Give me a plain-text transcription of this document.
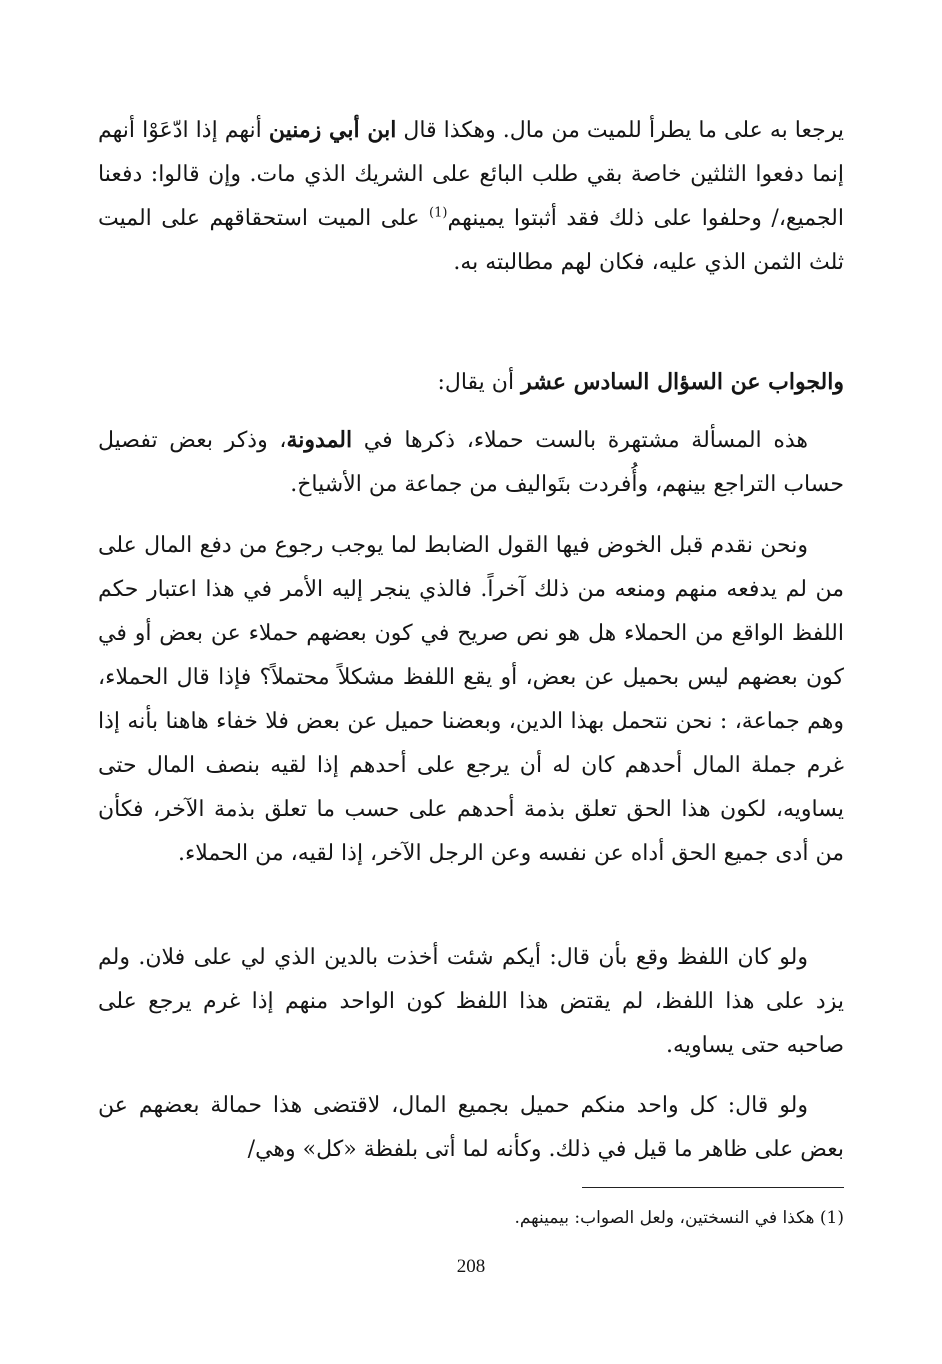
يرجعا به على ما يطرأ للميت من مال. وهكذا قال ابن أبي زمنين أنهم إذا ادّعَوْا أنهم إنما دفعوا الثلثين خاصة بقي طلب البائع على الشريك الذي مات. وإن قالوا: دفعنا الجميع،/ وحلفوا على ذلك فقد أثبتوا يمينهم$^{(1)}$ على الميت استحقاقهم على الميت ثلث الثمن الذي عليه، فكان لهم مطالبته به.

والجواب عن السؤال السادس عشر أن يقال:

هذه المسألة مشتهرة بالست حملاء، ذكرها في المدونة، وذكر بعض تفصيل حساب التراجع بينهم، وأُفردت بتَواليف من جماعة من الأشياخ.

ونحن نقدم قبل الخوض فيها القول الضابط لما يوجب رجوع من دفع المال على من لم يدفعه منهم ومنعه من ذلك آخراً. فالذي ينجر إليه الأمر في هذا اعتبار حكم اللفظ الواقع من الحملاء هل هو نص صريح في كون بعضهم حملاء عن بعض أو في كون بعضهم ليس بحميل عن بعض، أو يقع اللفظ مشكلاً محتملاً؟ فإذا قال الحملاء، وهم جماعة، : نحن نتحمل بهذا الدين، وبعضنا حميل عن بعض فلا خفاء هاهنا بأنه إذا غرم جملة المال أحدهم كان له أن يرجع على أحدهم إذا لقيه بنصف المال حتى يساويه، لكون هذا الحق تعلق بذمة أحدهم على حسب ما تعلق بذمة الآخر، فكأن من أدى جميع الحق أداه عن نفسه وعن الرجل الآخر، إذا لقيه، من الحملاء.

ولو كان اللفظ وقع بأن قال: أيكم شئت أخذت بالدين الذي لي على فلان. ولم يزد على هذا اللفظ، لم يقتض هذا اللفظ كون الواحد منهم إذا غرم يرجع على صاحبه حتى يساويه.

ولو قال: كل واحد منكم حميل بجميع المال، لاقتضى هذا حمالة بعضهم عن بعض على ظاهر ما قيل في ذلك. وكأنه لما أتى بلفظة «كل» وهي/

(1) هكذا في النسختين، ولعل الصواب: بيمينهم.
208
